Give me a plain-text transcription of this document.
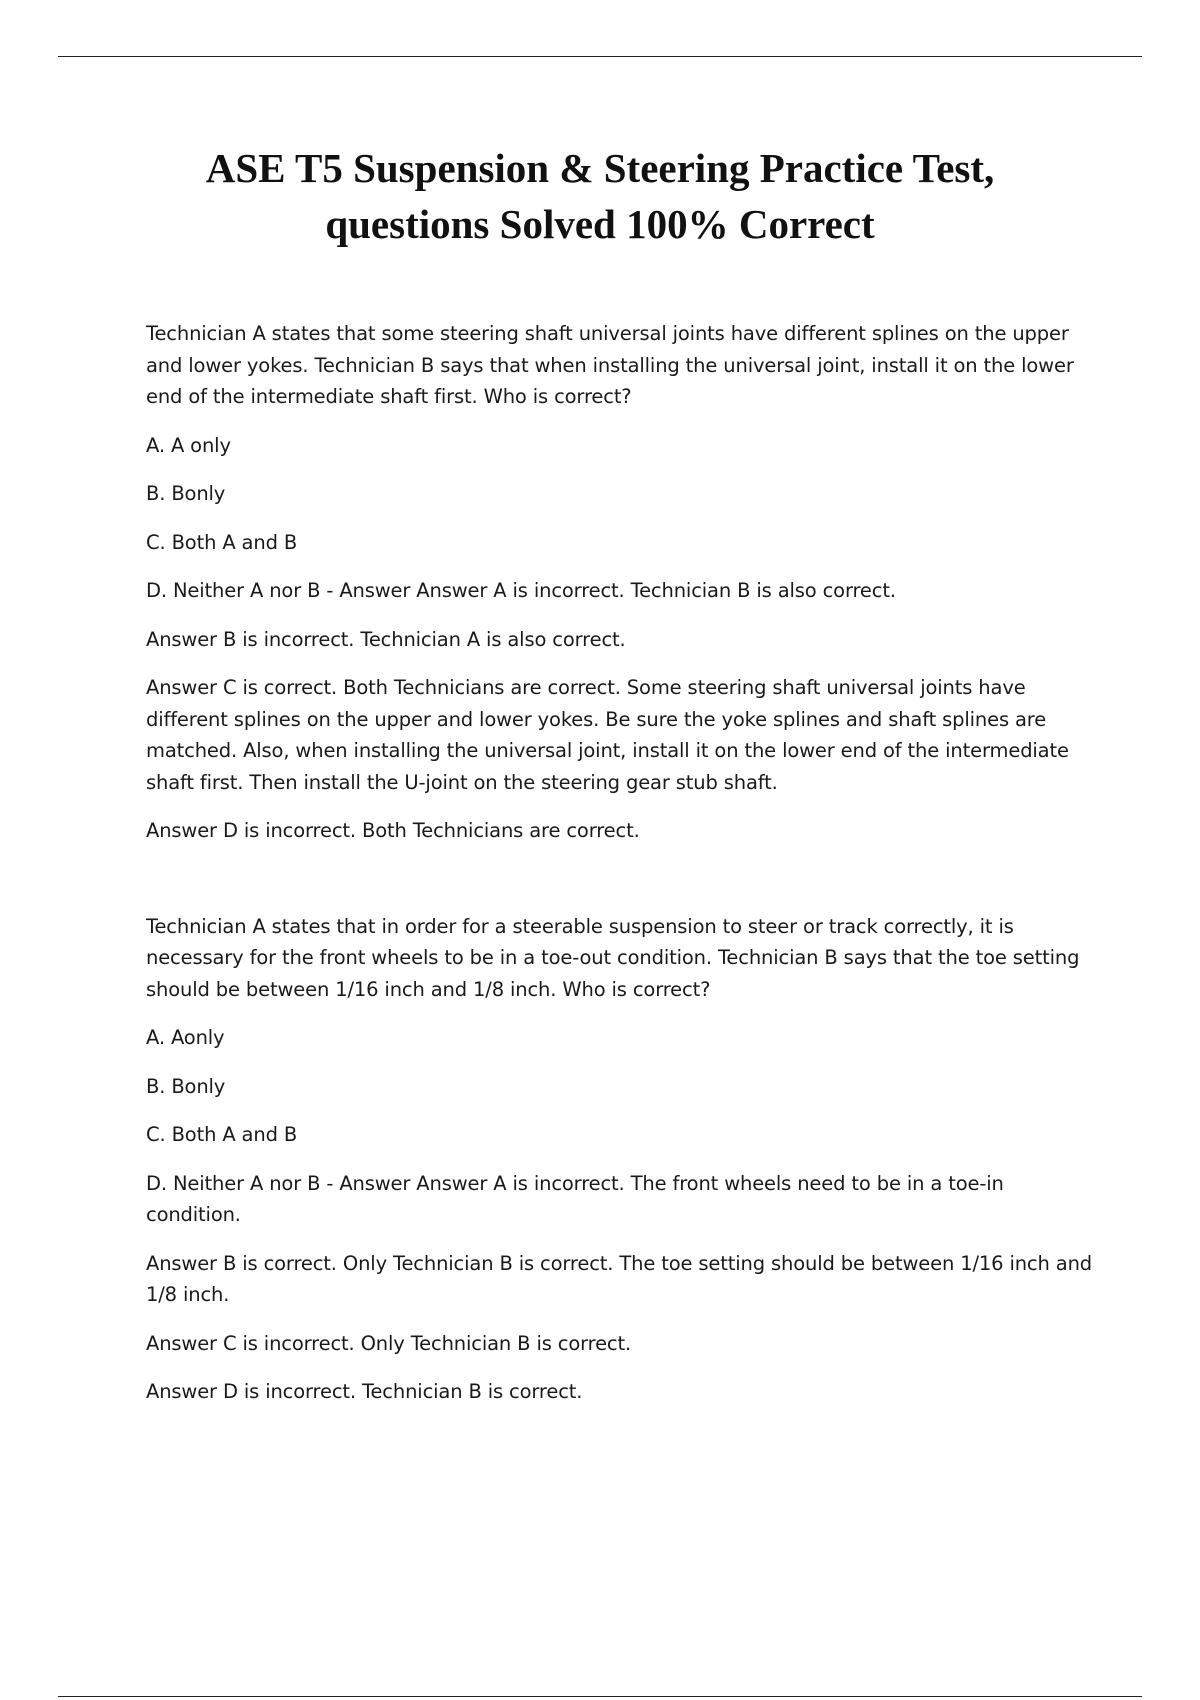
ASE T5 Suspension & Steering Practice Test,
questions Solved 100% Correct

Technician A states that some steering shaft universal joints have different splines on the upper and lower yokes. Technician B says that when installing the universal joint, install it on the lower end of the intermediate shaft first. Who is correct?

A. A only

B. Bonly

C. Both A and B

D. Neither A nor B - Answer Answer A is incorrect. Technician B is also correct.

Answer B is incorrect. Technician A is also correct.

Answer C is correct. Both Technicians are correct. Some steering shaft universal joints have different splines on the upper and lower yokes. Be sure the yoke splines and shaft splines are matched. Also, when installing the universal joint, install it on the lower end of the intermediate shaft first. Then install the U-joint on the steering gear stub shaft.

Answer D is incorrect. Both Technicians are correct.

Technician A states that in order for a steerable suspension to steer or track correctly, it is necessary for the front wheels to be in a toe-out condition. Technician B says that the toe setting should be between 1/16 inch and 1/8 inch. Who is correct?

A. Aonly

B. Bonly

C. Both A and B

D. Neither A nor B - Answer Answer A is incorrect. The front wheels need to be in a toe-in condition.

Answer B is correct. Only Technician B is correct. The toe setting should be between 1/16 inch and 1/8 inch.

Answer C is incorrect. Only Technician B is correct.

Answer D is incorrect. Technician B is correct.
